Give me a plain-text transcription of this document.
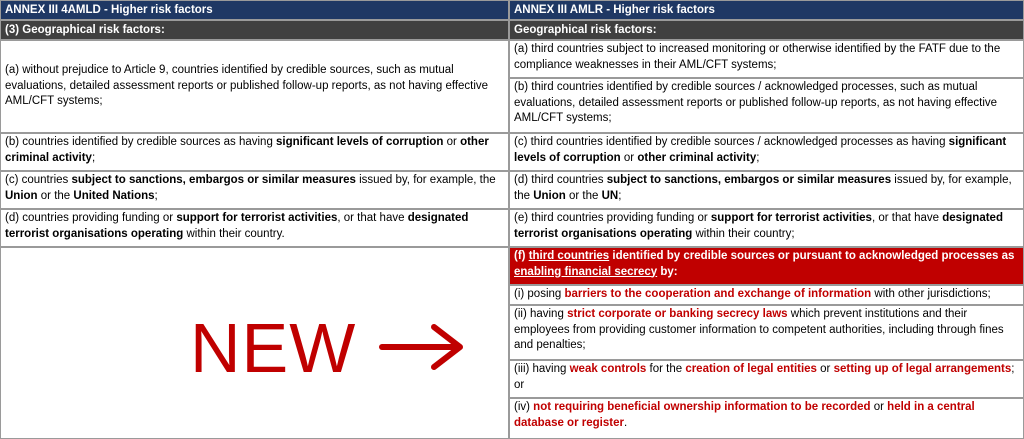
ANNEX III 4AMLD - Higher risk factors
(3) Geographical risk factors:
(a) without prejudice to Article 9, countries identified by credible sources, such as mutual evaluations, detailed assessment reports or published follow-up reports, as not having effective AML/CFT systems;
(b) countries identified by credible sources as having significant levels of corruption or other criminal activity;
(c) countries subject to sanctions, embargos or similar measures issued by, for example, the Union or the United Nations;
(d) countries providing funding or support for terrorist activities, or that have designated terrorist organisations operating within their country.
NEW
ANNEX III AMLR - Higher risk factors
Geographical risk factors:
(a) third countries subject to increased monitoring or otherwise identified by the FATF due to the compliance weaknesses in their AML/CFT systems;
(b) third countries identified by credible sources / acknowledged processes, such as mutual evaluations, detailed assessment reports or published follow-up reports, as not having effective AML/CFT systems;
(c) third countries identified by credible sources / acknowledged processes as having significant levels of corruption or other criminal activity;
(d) third countries subject to sanctions, embargos or similar measures issued by, for example, the Union or the UN;
(e) third countries providing funding or support for terrorist activities, or that have designated terrorist organisations operating within their country;
(f) third countries identified by credible sources or pursuant to acknowledged processes as enabling financial secrecy by:
(i) posing barriers to the cooperation and exchange of information with other jurisdictions;
(ii) having strict corporate or banking secrecy laws which prevent institutions and their employees from providing customer information to competent authorities, including through fines and penalties;
(iii) having weak controls for the creation of legal entities or setting up of legal arrangements; or
(iv) not requiring beneficial ownership information to be recorded or held in a central database or register.
